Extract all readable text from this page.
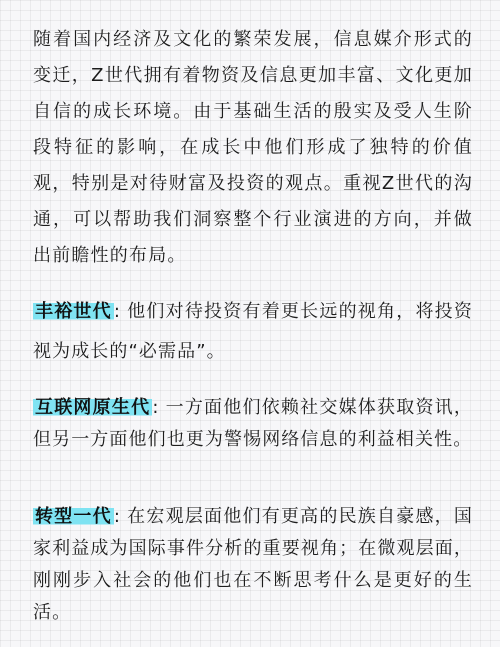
随着国内经济及文化的繁荣发展，信息媒介形式的变迁，Z世代拥有着物资及信息更加丰富、文化更加自信的成长环境。由于基础生活的殷实及受人生阶段特征的影响，在成长中他们形成了独特的价值观，特别是对待财富及投资的观点。重视Z世代的沟通，可以帮助我们洞察整个行业演进的方向，并做出前瞻性的布局。

丰裕世代 : 他们对待投资有着更长远的视角，将投资视为成长的“必需品”。

互联网原生代 : 一方面他们依赖社交媒体获取资讯，但另一方面他们也更为警惕网络信息的利益相关性。

转型一代 : 在宏观层面他们有更高的民族自豪感，国家利益成为国际事件分析的重要视角；在微观层面，刚刚步入社会的他们也在不断思考什么是更好的生活。
